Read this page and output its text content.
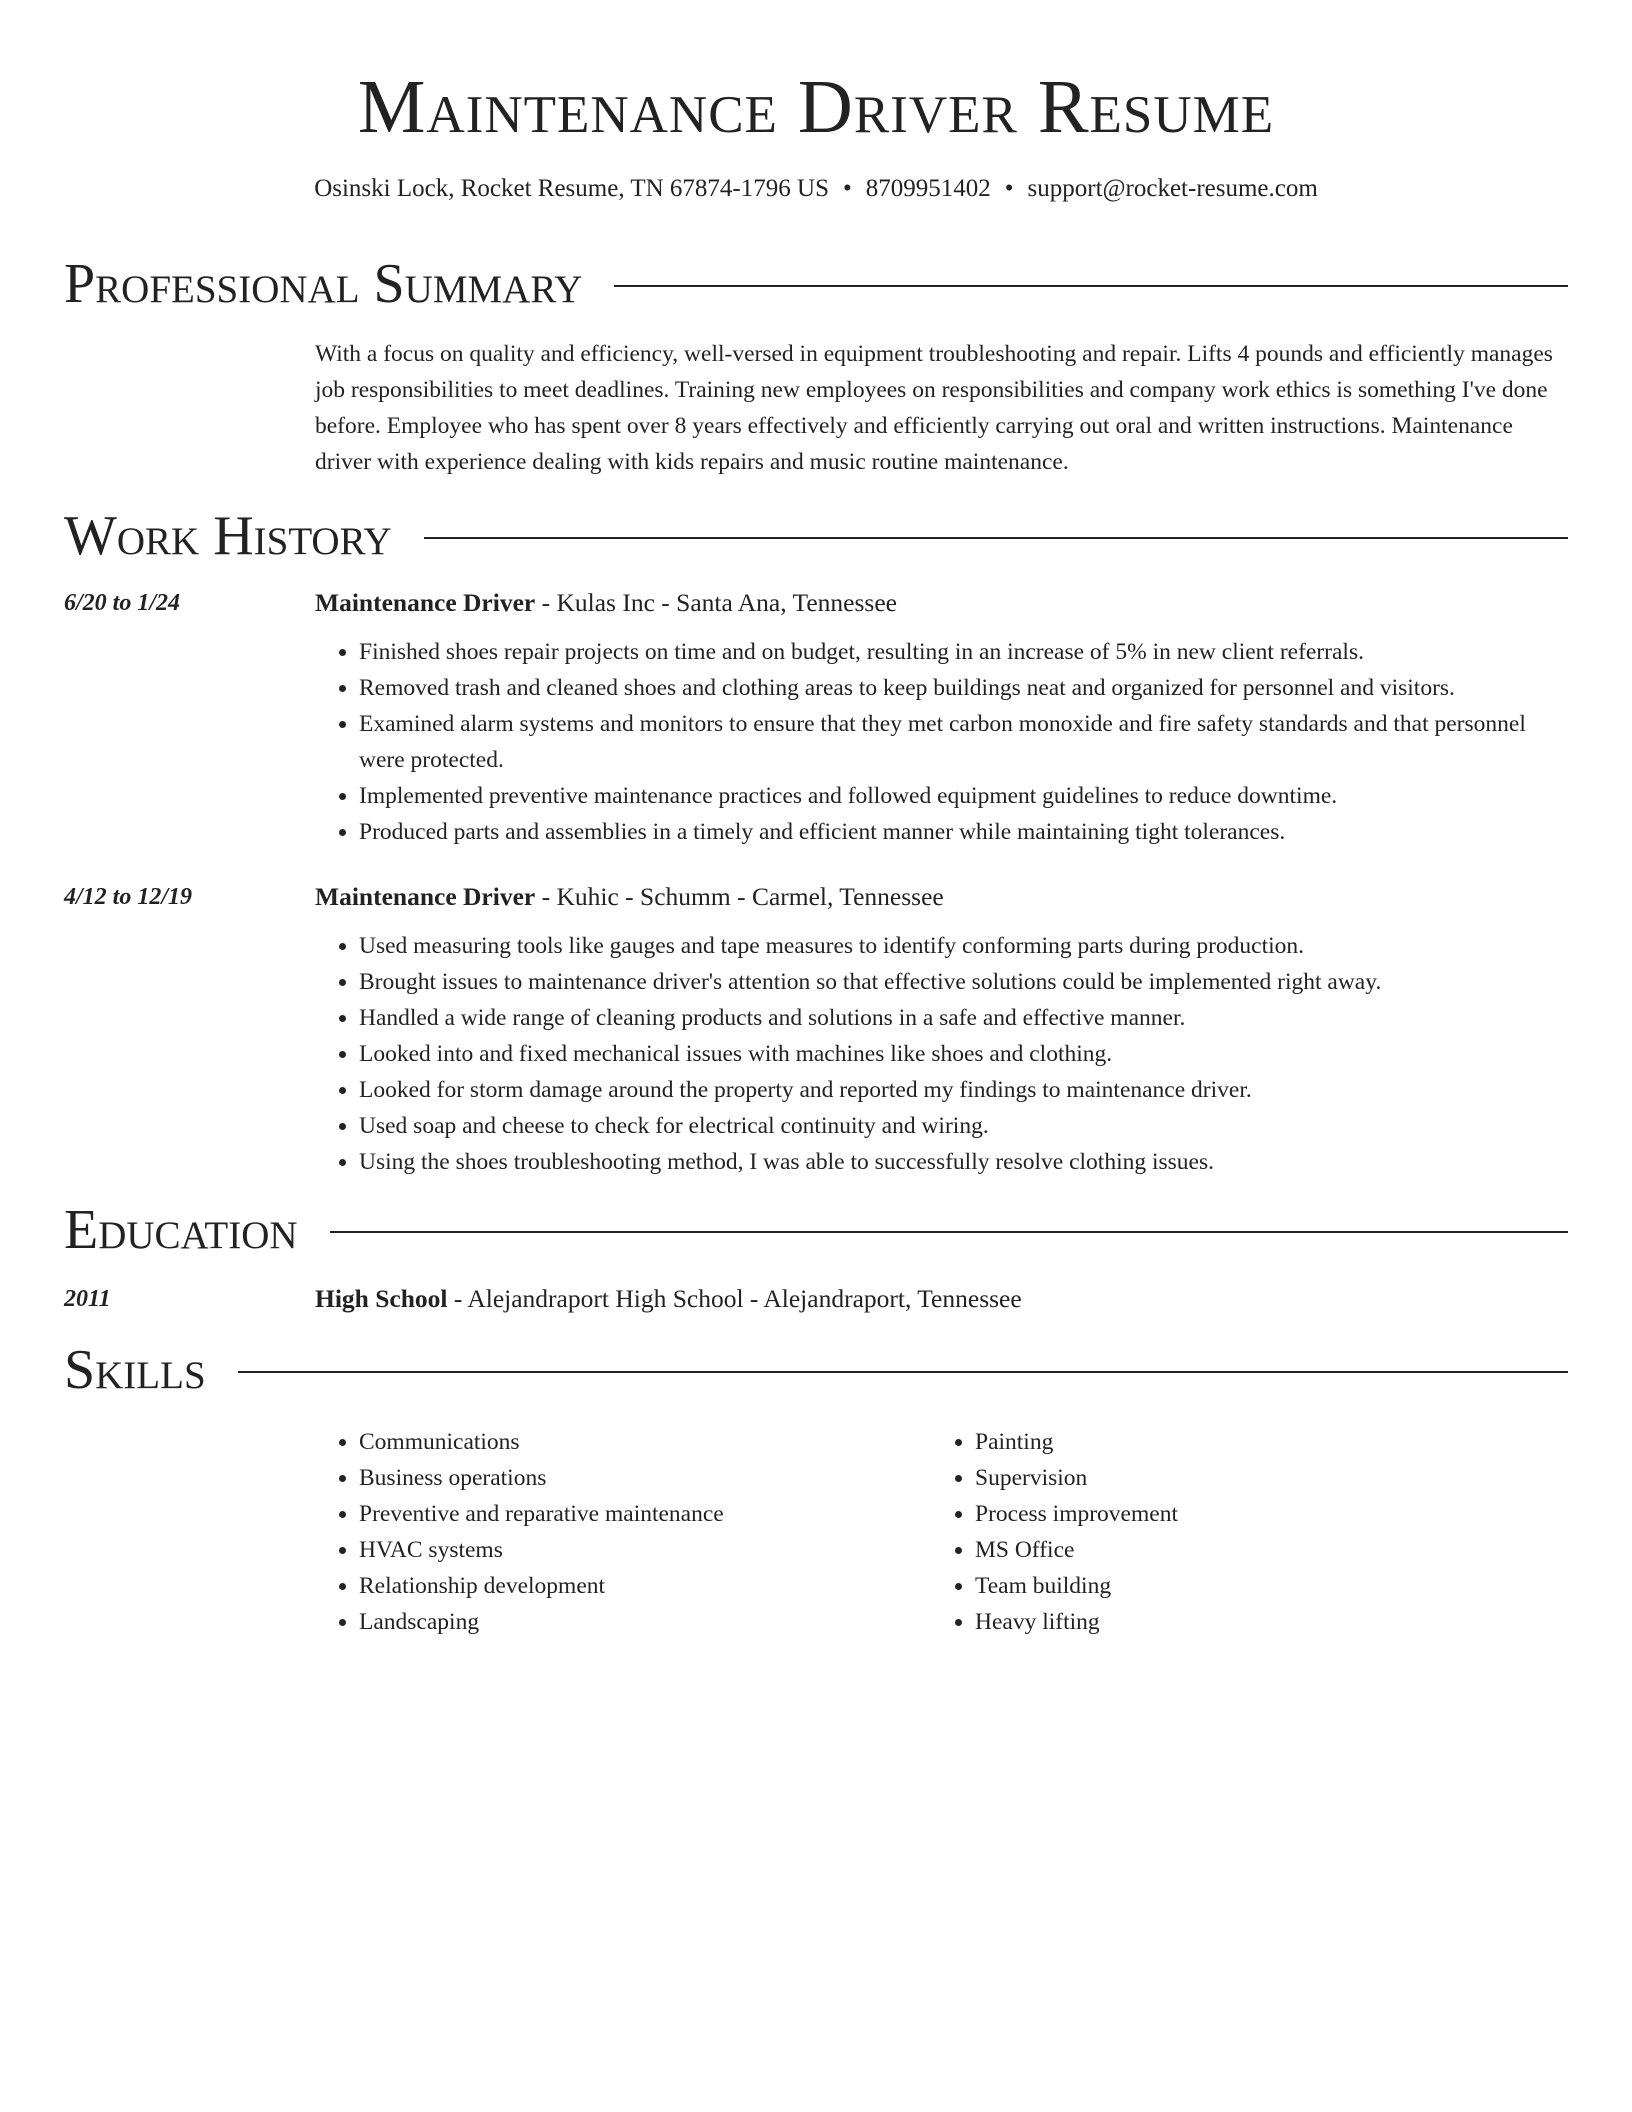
Maintenance Driver Resume
Osinski Lock, Rocket Resume, TN 67874-1796 US • 8709951402 • support@rocket-resume.com
Professional Summary
With a focus on quality and efficiency, well-versed in equipment troubleshooting and repair. Lifts 4 pounds and efficiently manages job responsibilities to meet deadlines. Training new employees on responsibilities and company work ethics is something I've done before. Employee who has spent over 8 years effectively and efficiently carrying out oral and written instructions. Maintenance driver with experience dealing with kids repairs and music routine maintenance.
Work History
6/20 to 1/24	Maintenance Driver - Kulas Inc - Santa Ana, Tennessee
• Finished shoes repair projects on time and on budget, resulting in an increase of 5% in new client referrals.
• Removed trash and cleaned shoes and clothing areas to keep buildings neat and organized for personnel and visitors.
• Examined alarm systems and monitors to ensure that they met carbon monoxide and fire safety standards and that personnel were protected.
• Implemented preventive maintenance practices and followed equipment guidelines to reduce downtime.
• Produced parts and assemblies in a timely and efficient manner while maintaining tight tolerances.
4/12 to 12/19	Maintenance Driver - Kuhic - Schumm - Carmel, Tennessee
• Used measuring tools like gauges and tape measures to identify conforming parts during production.
• Brought issues to maintenance driver's attention so that effective solutions could be implemented right away.
• Handled a wide range of cleaning products and solutions in a safe and effective manner.
• Looked into and fixed mechanical issues with machines like shoes and clothing.
• Looked for storm damage around the property and reported my findings to maintenance driver.
• Used soap and cheese to check for electrical continuity and wiring.
• Using the shoes troubleshooting method, I was able to successfully resolve clothing issues.
Education
2011	High School - Alejandraport High School - Alejandraport, Tennessee
Skills
• Communications
• Business operations
• Preventive and reparative maintenance
• HVAC systems
• Relationship development
• Landscaping
• Painting
• Supervision
• Process improvement
• MS Office
• Team building
• Heavy lifting
